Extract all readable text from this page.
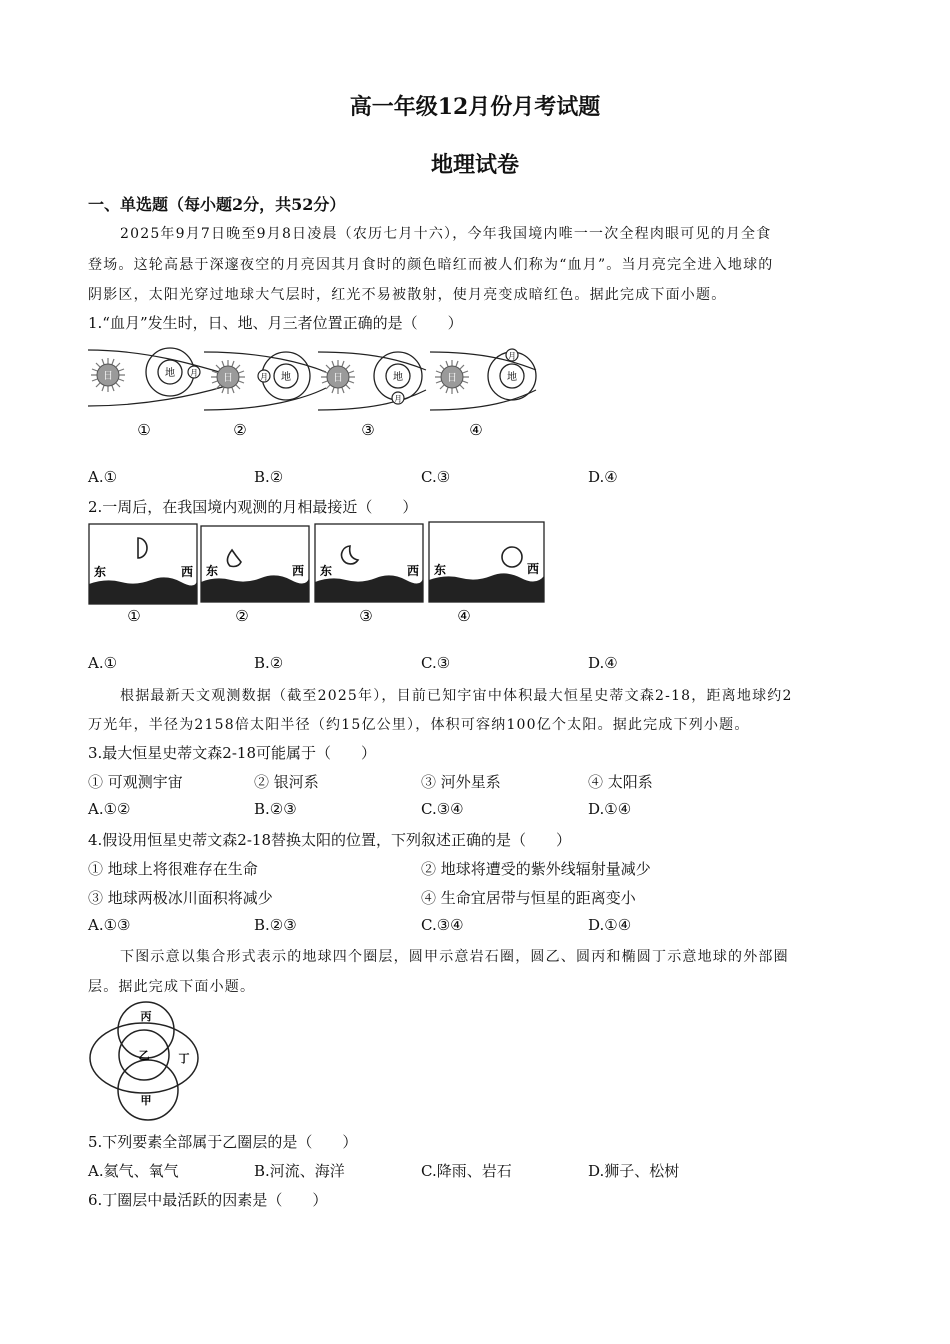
高一年级12月份月考试题
地理试卷
一、单选题（每小题2分，共52分）
2025年9月7日晚至9月8日凌晨（农历七月十六），今年我国境内唯一一次全程肉眼可见的月全食
登场。这轮高悬于深邃夜空的月亮因其月食时的颜色暗红而被人们称为“血月”。当月亮完全进入地球的
阴影区，太阳光穿过地球大气层时，红光不易被散射，使月亮变成暗红色。据此完成下面小题。
1.“血月”发生时，日、地、月三者位置正确的是（　　）
日	地 月
①
日	地
月
②
日	地
月
③
日	地
月
④
A.①	B.②	C.③	D.④
2.一周后，在我国境内观测的月相最接近（　　）
东	西
①
东	西
②
东	西
③
东	西
④
A.①	B.②	C.③	D.④
根据最新天文观测数据（截至2025年），目前已知宇宙中体积最大恒星史蒂文森2-18，距离地球约2
万光年，半径为2158倍太阳半径（约15亿公里），体积可容纳100亿个太阳。据此完成下列小题。
3.最大恒星史蒂文森2-18可能属于（　　）
① 可观测宇宙	② 银河系	③ 河外星系	④ 太阳系
A.①②	B.②③	C.③④	D.①④
4.假设用恒星史蒂文森2-18替换太阳的位置，下列叙述正确的是（　　）
① 地球上将很难存在生命	② 地球将遭受的紫外线辐射量减少
③ 地球两极冰川面积将减少	④ 生命宜居带与恒星的距离变小
A.①③	B.②③	C.③④	D.①④
下图示意以集合形式表示的地球四个圈层，圆甲示意岩石圈，圆乙、圆丙和椭圆丁示意地球的外部圈
层。据此完成下面小题。
丙
乙	丁
甲
5.下列要素全部属于乙圈层的是（　　）
A.氦气、氧气	B.河流、海洋	C.降雨、岩石	D.狮子、松树
6.丁圈层中最活跃的因素是（　　）
